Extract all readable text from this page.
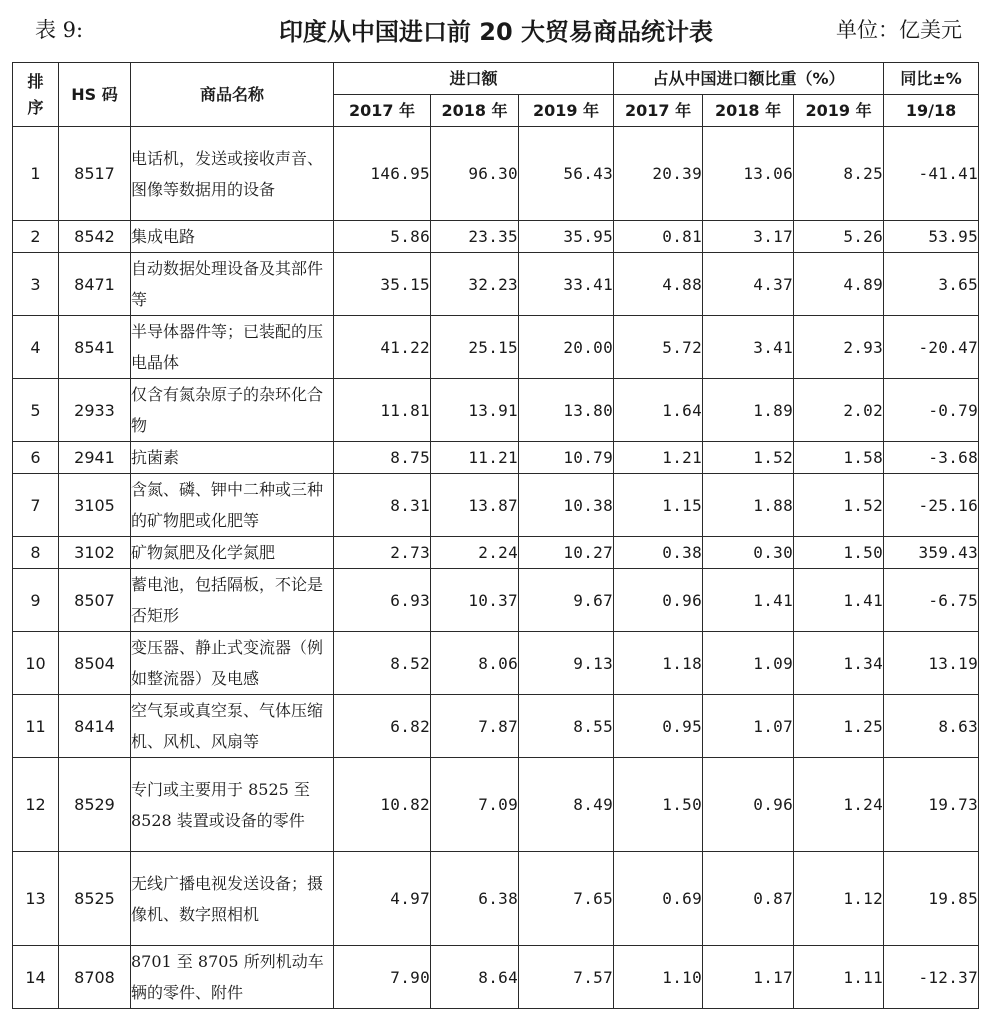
表 9:	印度从中国进口前 20 大贸易商品统计表	单位：亿美元
排序	HS 码	商品名称	进口额			占从中国进口额比重（%）			同比±%
			2017 年	2018 年	2019 年	2017 年	2018 年	2019 年	19/18
1	8517	电话机，发送或接收声音、图像等数据用的设备	146.95	96.30	56.43	20.39	13.06	8.25	-41.41
2	8542	集成电路	5.86	23.35	35.95	0.81	3.17	5.26	53.95
3	8471	自动数据处理设备及其部件等	35.15	32.23	33.41	4.88	4.37	4.89	3.65
4	8541	半导体器件等；已装配的压电晶体	41.22	25.15	20.00	5.72	3.41	2.93	-20.47
5	2933	仅含有氮杂原子的杂环化合物	11.81	13.91	13.80	1.64	1.89	2.02	-0.79
6	2941	抗菌素	8.75	11.21	10.79	1.21	1.52	1.58	-3.68
7	3105	含氮、磷、钾中二种或三种的矿物肥或化肥等	8.31	13.87	10.38	1.15	1.88	1.52	-25.16
8	3102	矿物氮肥及化学氮肥	2.73	2.24	10.27	0.38	0.30	1.50	359.43
9	8507	蓄电池，包括隔板，不论是否矩形	6.93	10.37	9.67	0.96	1.41	1.41	-6.75
10	8504	变压器、静止式变流器（例如整流器）及电感	8.52	8.06	9.13	1.18	1.09	1.34	13.19
11	8414	空气泵或真空泵、气体压缩机、风机、风扇等	6.82	7.87	8.55	0.95	1.07	1.25	8.63
12	8529	专门或主要用于 8525 至 8528 装置或设备的零件	10.82	7.09	8.49	1.50	0.96	1.24	19.73
13	8525	无线广播电视发送设备；摄像机、数字照相机	4.97	6.38	7.65	0.69	0.87	1.12	19.85
14	8708	8701 至 8705 所列机动车辆的零件、附件	7.90	8.64	7.57	1.10	1.17	1.11	-12.37
